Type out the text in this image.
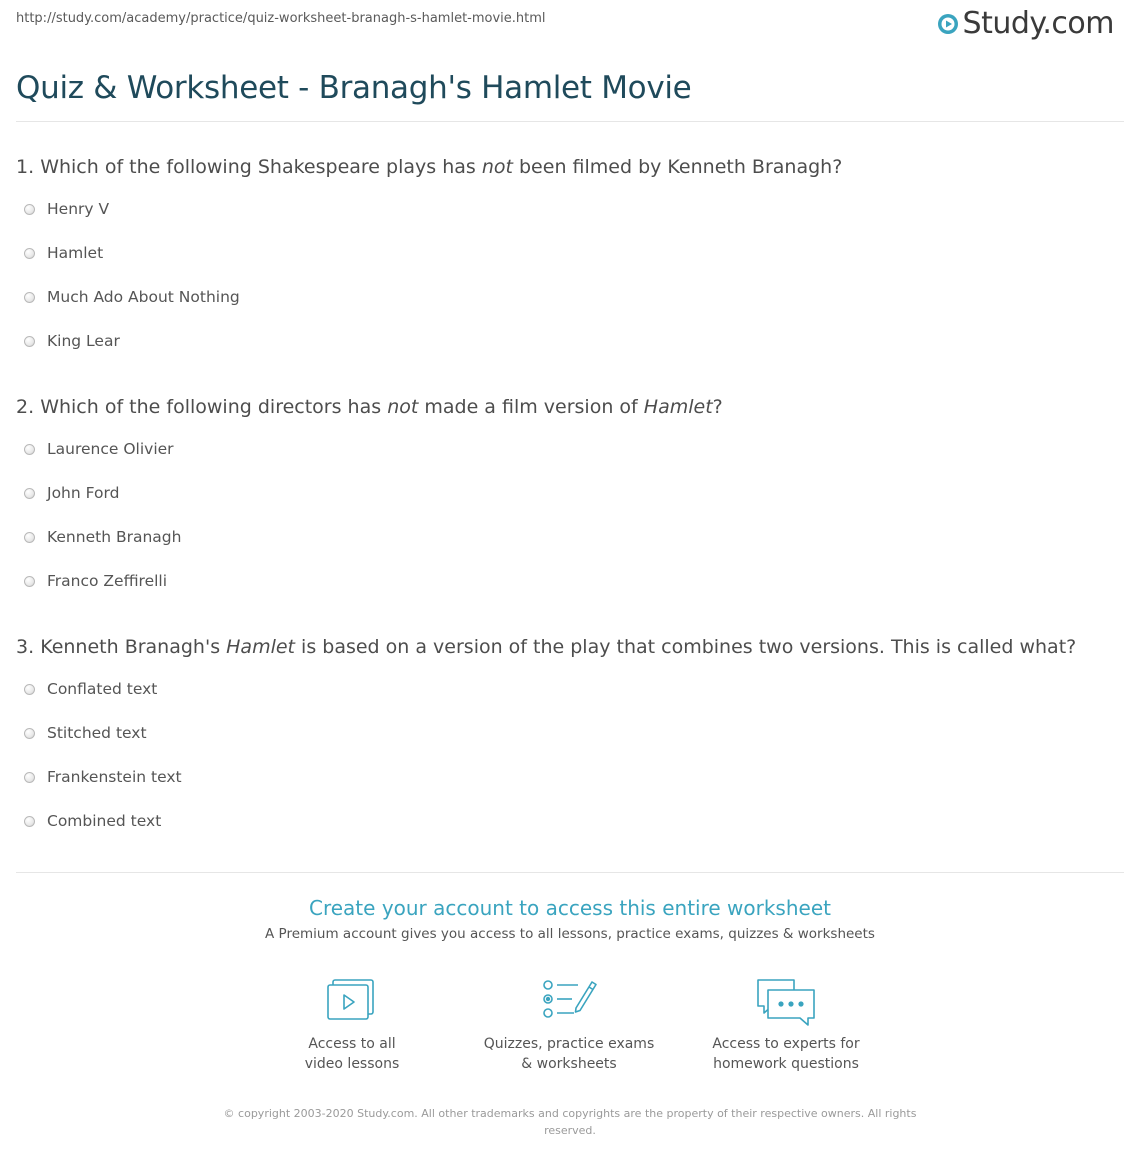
http://study.com/academy/practice/quiz-worksheet-branagh-s-hamlet-movie.html	Study.com
Quiz & Worksheet - Branagh's Hamlet Movie
1. Which of the following Shakespeare plays has not been filmed by Kenneth Branagh?
Henry V
Hamlet
Much Ado About Nothing
King Lear
2. Which of the following directors has not made a film version of Hamlet?
Laurence Olivier
John Ford
Kenneth Branagh
Franco Zeffirelli
3. Kenneth Branagh's Hamlet is based on a version of the play that combines two versions. This is called what?
Conflated text
Stitched text
Frankenstein text
Combined text
Create your account to access this entire worksheet
A Premium account gives you access to all lessons, practice exams, quizzes & worksheets
Access to all
video lessons
Quizzes, practice exams
& worksheets
Access to experts for
homework questions
© copyright 2003-2020 Study.com. All other trademarks and copyrights are the property of their respective owners. All rights
reserved.
